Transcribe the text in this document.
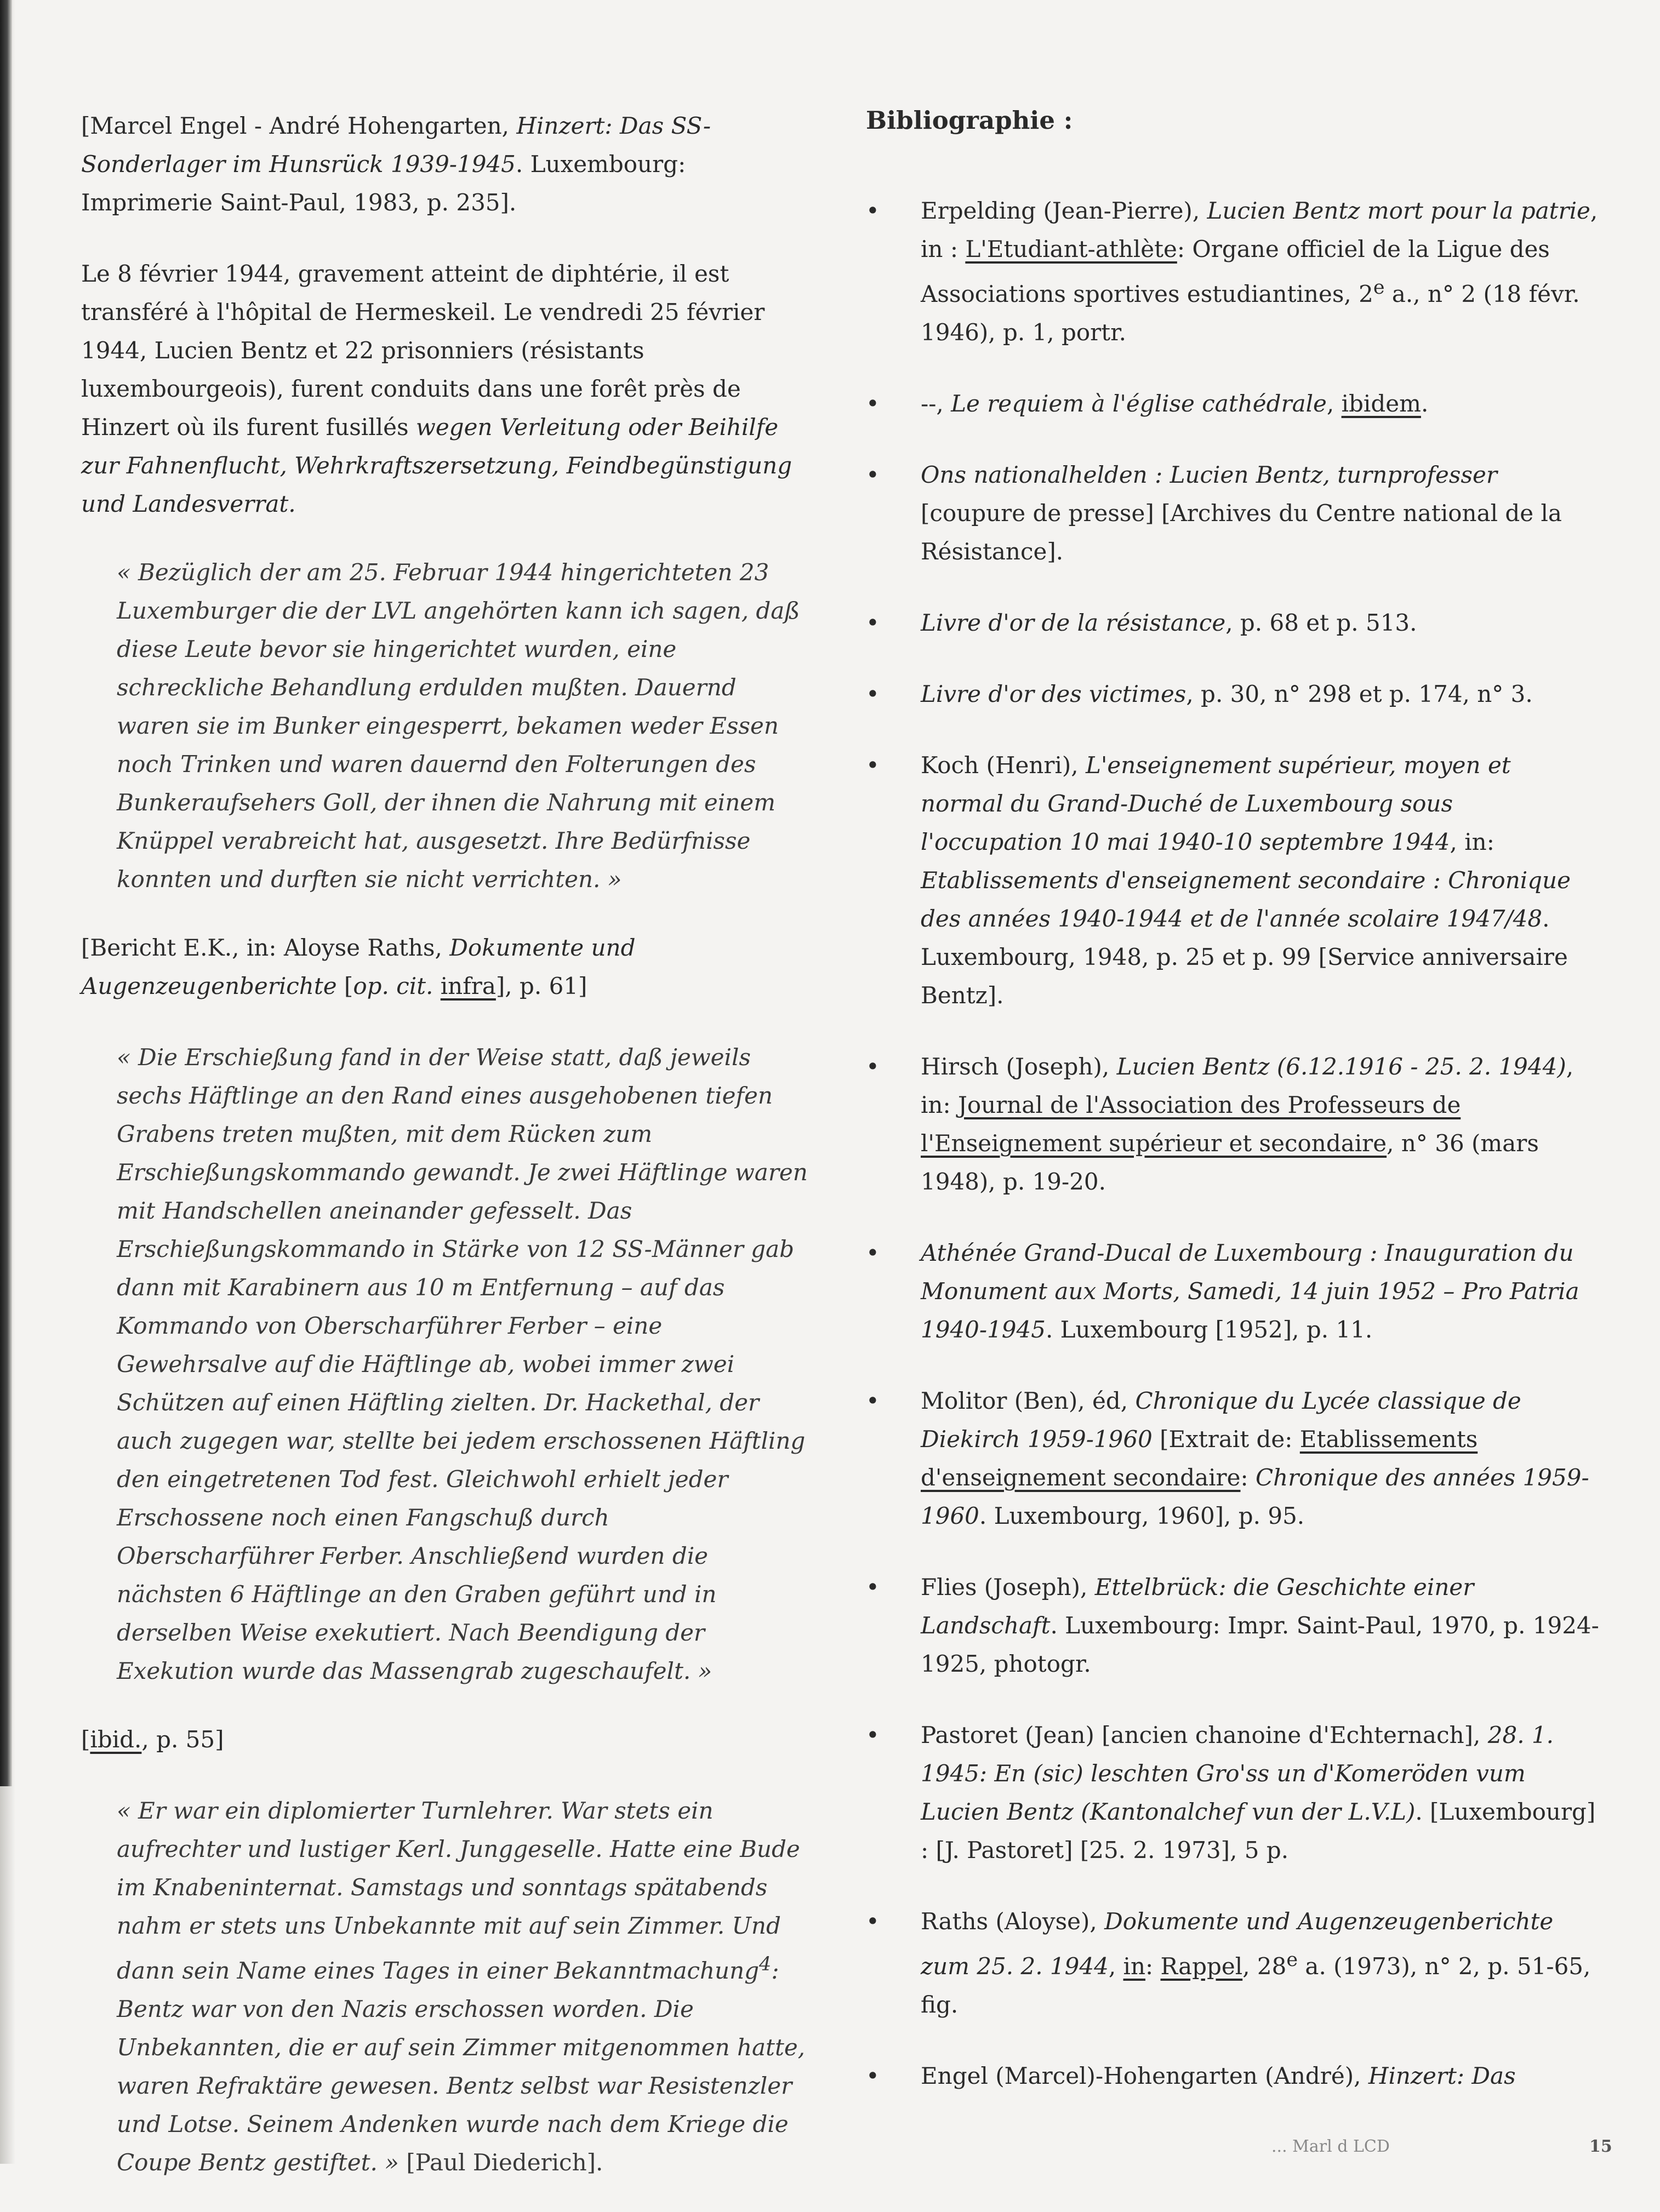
[Marcel Engel - André Hohengarten, Hinzert: Das SS-Sonderlager im Hunsrück 1939-1945. Luxembourg: Imprimerie Saint-Paul, 1983, p. 235].

Le 8 février 1944, gravement atteint de diphtérie, il est transféré à l'hôpital de Hermeskeil. Le vendredi 25 février 1944, Lucien Bentz et 22 prisonniers (résistants luxembourgeois), furent conduits dans une forêt près de Hinzert où ils furent fusillés wegen Verleitung oder Beihilfe zur Fahnenflucht, Wehrkraftszersetzung, Feindbegünstigung und Landesverrat.

« Bezüglich der am 25. Februar 1944 hingerichteten 23 Luxemburger die der LVL angehörten kann ich sagen, daß diese Leute bevor sie hingerichtet wurden, eine schreckliche Behandlung erdulden mußten. Dauernd waren sie im Bunker eingesperrt, bekamen weder Essen noch Trinken und waren dauernd den Folterungen des Bunkeraufsehers Goll, der ihnen die Nahrung mit einem Knüppel verabreicht hat, ausgesetzt. Ihre Bedürfnisse konnten und durften sie nicht verrichten. »

[Bericht E.K., in: Aloyse Raths, Dokumente und Augenzeugenberichte [op. cit. infra], p. 61]

« Die Erschießung fand in der Weise statt, daß jeweils sechs Häftlinge an den Rand eines ausgehobenen tiefen Grabens treten mußten, mit dem Rücken zum Erschießungskommando gewandt. Je zwei Häftlinge waren mit Handschellen aneinander gefesselt. Das Erschießungskommando in Stärke von 12 SS-Männer gab dann mit Karabinern aus 10 m Entfernung – auf das Kommando von Oberscharführer Ferber – eine Gewehrsalve auf die Häftlinge ab, wobei immer zwei Schützen auf einen Häftling zielten. Dr. Hackethal, der auch zugegen war, stellte bei jedem erschossenen Häftling den eingetretenen Tod fest. Gleichwohl erhielt jeder Erschossene noch einen Fangschuß durch Oberscharführer Ferber. Anschließend wurden die nächsten 6 Häftlinge an den Graben geführt und in derselben Weise exekutiert. Nach Beendigung der Exekution wurde das Massengrab zugeschaufelt. »

[ibid., p. 55]

« Er war ein diplomierter Turnlehrer. War stets ein aufrechter und lustiger Kerl. Junggeselle. Hatte eine Bude im Knabeninternat. Samstags und sonntags spätabends nahm er stets uns Unbekannte mit auf sein Zimmer. Und dann sein Name eines Tages in einer Bekanntmachung$^4$: Bentz war von den Nazis erschossen worden. Die Unbekannten, die er auf sein Zimmer mitgenommen hatte, waren Refraktäre gewesen. Bentz selbst war Resistenzler und Lotse. Seinem Andenken wurde nach dem Kriege die Coupe Bentz gestiftet. » [Paul Diederich].

Bibliographie :
• Erpelding (Jean-Pierre), Lucien Bentz mort pour la patrie, in : L'Etudiant-athlète: Organe officiel de la Ligue des Associations sportives estudiantines, 2e a., n° 2 (18 févr. 1946), p. 1, portr.
• --, Le requiem à l'église cathédrale, ibidem.
• Ons nationalhelden : Lucien Bentz, turnprofesser [coupure de presse] [Archives du Centre national de la Résistance].
• Livre d'or de la résistance, p. 68 et p. 513.
• Livre d'or des victimes, p. 30, n° 298 et p. 174, n° 3.
• Koch (Henri), L'enseignement supérieur, moyen et normal du Grand-Duché de Luxembourg sous l'occupation 10 mai 1940-10 septembre 1944, in: Etablissements d'enseignement secondaire : Chronique des années 1940-1944 et de l'année scolaire 1947/48. Luxembourg, 1948, p. 25 et p. 99 [Service anniversaire Bentz].
• Hirsch (Joseph), Lucien Bentz (6.12.1916 - 25. 2. 1944), in: Journal de l'Association des Professeurs de l'Enseignement supérieur et secondaire, n° 36 (mars 1948), p. 19-20.
• Athénée Grand-Ducal de Luxembourg : Inauguration du Monument aux Morts, Samedi, 14 juin 1952 – Pro Patria 1940-1945. Luxembourg [1952], p. 11.
• Molitor (Ben), éd, Chronique du Lycée classique de Diekirch 1959-1960 [Extrait de: Etablissements d'enseignement secondaire: Chronique des années 1959-1960. Luxembourg, 1960], p. 95.
• Flies (Joseph), Ettelbrück: die Geschichte einer Landschaft. Luxembourg: Impr. Saint-Paul, 1970, p. 1924-1925, photogr.
• Pastoret (Jean) [ancien chanoine d'Echternach], 28. 1. 1945: En (sic) leschten Gro'ss un d'Komeröden vum Lucien Bentz (Kantonalchef vun der L.V.L). [Luxembourg] : [J. Pastoret] [25. 2. 1973], 5 p.
• Raths (Aloyse), Dokumente und Augenzeugenberichte zum 25. 2. 1944, in: Rappel, 28e a. (1973), n° 2, p. 51-65, fig.
• Engel (Marcel)-Hohengarten (André), Hinzert: Das
... Marl d LCD	15
